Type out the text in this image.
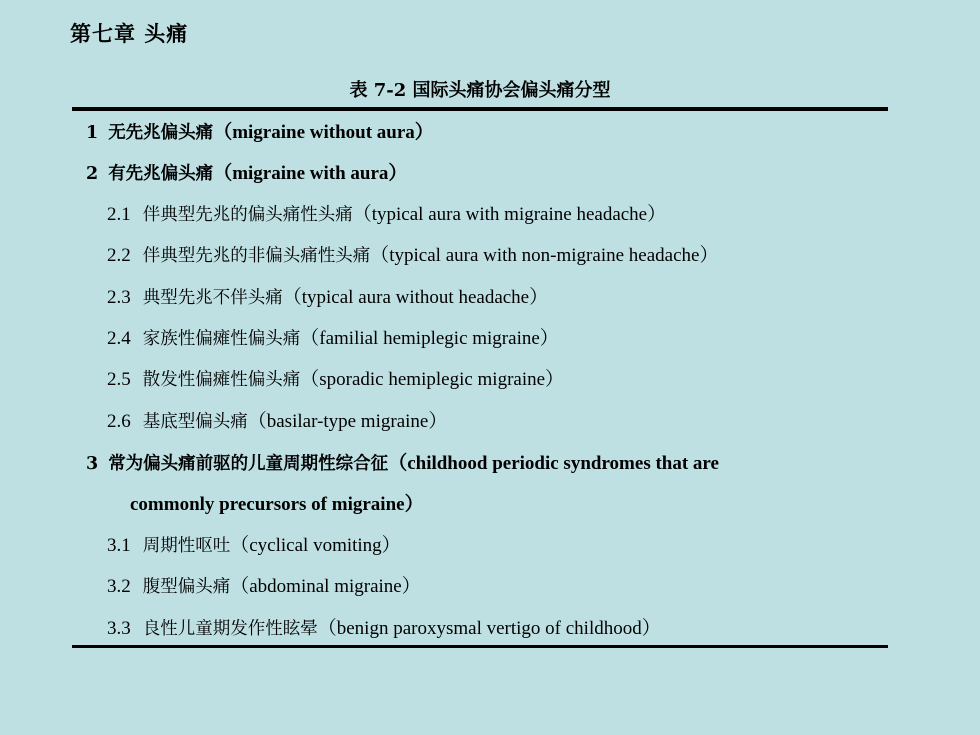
第七章 头痛
表 7-2 国际头痛协会偏头痛分型
1 无先兆偏头痛（migraine without aura）
2 有先兆偏头痛（migraine with aura）
2.1 伴典型先兆的偏头痛性头痛（typical aura with migraine headache）
2.2 伴典型先兆的非偏头痛性头痛（typical aura with non-migraine headache）
2.3 典型先兆不伴头痛（typical aura without headache）
2.4 家族性偏瘫性偏头痛（familial hemiplegic migraine）
2.5 散发性偏瘫性偏头痛（sporadic hemiplegic migraine）
2.6 基底型偏头痛（basilar-type migraine）
3 常为偏头痛前驱的儿童周期性综合征（childhood periodic syndromes that are
commonly precursors of migraine）
3.1 周期性呕吐（cyclical vomiting）
3.2 腹型偏头痛（abdominal migraine）
3.3 良性儿童期发作性眩晕（benign paroxysmal vertigo of childhood）
